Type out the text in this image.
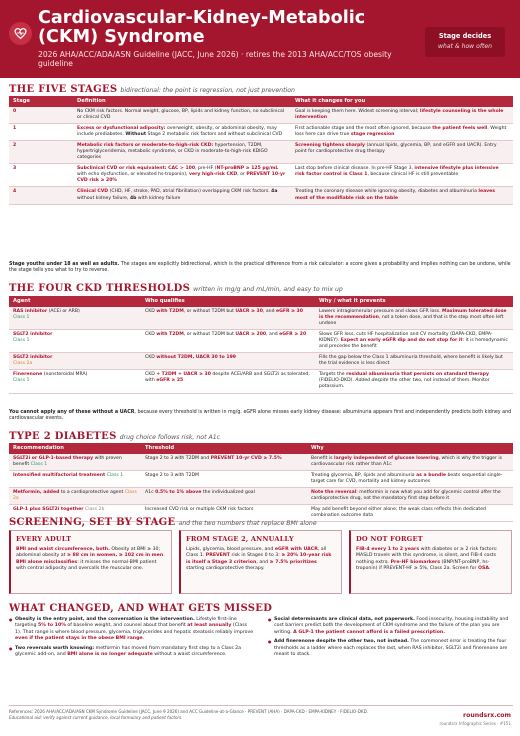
Cardiovascular-Kidney-Metabolic (CKM) Syndrome
2026 AHA/ACC/ADA/ASN Guideline (JACC, June 2026) · retires the 2013 AHA/ACC/TOS obesity guideline
Stage decides
what & how often
THE FIVE STAGES bidirectional: the point is regression, not just prevention
Stage	Definition	What it changes for you
0	No CKM risk factors. Normal weight, glucose, BP, lipids and kidney function, no subclinical or clinical CVD	Goal is keeping them here. Widest screening interval; lifestyle counseling is the whole intervention
1	Excess or dysfunctional adiposity: overweight, obesity, or abdominal obesity, may include prediabetes. Without Stage 2 metabolic risk factors and without subclinical CVD	First actionable stage and the most often ignored, because the patient feels well. Weight loss here can drive true stage regression
2	Metabolic risk factors or moderate-to-high-risk CKD: hypertension, T2DM, hypertriglyceridemia, metabolic syndrome, or CKD in moderate-to-high-risk KDIGO categories	Screening tightens sharply (annual lipids, glycemia, BP, and eGFR and UACR). Entry point for cardioprotective drug therapy
3	Subclinical CVD or risk equivalent: CAC > 100, pre-HF (NT-proBNP ≥ 125 pg/mL with echo dysfunction, or elevated hs-troponin), very high-risk CKD, or PREVENT 10-yr CVD risk ≥ 20%	Last stop before clinical disease. In pre-HF Stage 3, intensive lifestyle plus intensive risk factor control is Class 1, because clinical HF is still preventable
4	Clinical CVD (CHD, HF, stroke, PAD, atrial fibrillation) overlapping CKM risk factors. 4a without kidney failure, 4b with kidney failure	Treating the coronary disease while ignoring obesity, diabetes and albuminuria leaves most of the modifiable risk on the table
Stage youths under 18 as well as adults. The stages are explicitly bidirectional, which is the practical difference from a risk calculator: a score gives a probability and implies nothing can be undone, while the stage tells you what to try to reverse.
THE FOUR CKD THRESHOLDS written in mg/g and mL/min, and easy to mix up
Agent	Who qualifies	Why / what it prevents
RAS inhibitor (ACEi or ARB)
Class 1	CKD with T2DM, or without T2DM but UACR ≥ 30, and eGFR ≥ 30	Lowers intraglomerular pressure and slows GFR loss. Maximum tolerated dose is the recommendation, not a token dose, and that is the step most often left undone
SGLT2 inhibitor
Class 1	CKD with T2DM, or without T2DM but UACR ≥ 200, and eGFR ≥ 20	Slows GFR loss, cuts HF hospitalization and CV mortality (DAPA-CKD, EMPA-KIDNEY). Expect an early eGFR dip and do not stop for it: it is hemodynamic and precedes the benefit
SGLT2 inhibitor
Class 2a	CKD without T2DM, UACR 30 to 199	Fills the gap below the Class 1 albuminuria threshold, where benefit is likely but the trial evidence is less direct
Finerenone (nonsteroidal MRA)
Class 1	CKD + T2DM + UACR ≥ 30 despite ACEi/ARB and SGLT2i as tolerated, with eGFR ≥ 25	Targets the residual albuminuria that persists on standard therapy (FIDELIO-DKD). Added despite the other two, not instead of them. Monitor potassium.
You cannot apply any of these without a UACR, because every threshold is written in mg/g. eGFR alone misses early kidney disease: albuminuria appears first and independently predicts both kidney and cardiovascular events.
TYPE 2 DIABETES drug choice follows risk, not A1c
Recommendation	Threshold	Why
SGLT2i or GLP-1-based therapy with proven benefit Class 1	Stage 2 to 3 with T2DM and PREVENT 10-yr CVD ≥ 7.5%	Benefit is largely independent of glucose lowering, which is why the trigger is cardiovascular risk rather than A1c
Intensified multifactorial treatment Class 1	Stage 2 to 3 with T2DM	Treating glycemia, BP, lipids and albuminuria as a bundle beats sequential single-target care for CVD, mortality and kidney outcomes
Metformin, added to a cardioprotective agent Class 2a	A1c 0.5% to 1% above the individualized goal	Note the reversal: metformin is now what you add for glycemic control after the cardioprotective drug, not the mandatory first step before it
GLP-1 plus SGLT2i together Class 2b	Increased CVD risk or multiple CKM risk factors	May add benefit beyond either alone; the weak class reflects thin dedicated combination outcome data
SCREENING, SET BY STAGE and the two numbers that replace BMI alone
EVERY ADULT
BMI and waist circumference, both. Obesity at BMI ≥ 30; abdominal obesity at ≥ 88 cm in women, ≥ 102 cm in men. BMI alone misclassifies: it misses the normal-BMI patient with central adiposity and overcalls the muscular one.
FROM STAGE 2, ANNUALLY
Lipids, glycemia, blood pressure, and eGFR with UACR, all Class 1. PREVENT risk in Stages 0 to 3: ≥ 20% 10-year risk is itself a Stage 3 criterion, and ≥ 7.5% prioritizes starting cardioprotective therapy.
DO NOT FORGET
FIB-4 every 1 to 2 years with diabetes or ≥ 2 risk factors: MASLD travels with this syndrome, is silent, and FIB-4 costs nothing extra. Pre-HF biomarkers (BNP/NT-proBNP, hs-troponin) if PREVENT-HF ≥ 5%, Class 2a. Screen for OSA.
WHAT CHANGED, AND WHAT GETS MISSED
● Obesity is the entry point, and the conversation is the intervention. Lifestyle first-line targeting 5% to 10% of baseline weight, and counsel about that benefit at least annually (Class 1). That range is where blood pressure, glycemia, triglycerides and hepatic steatosis reliably improve even if the patient stays in the obese BMI range.
● Two reversals worth knowing: metformin has moved from mandatory first step to a Class 2a glycemic add-on, and BMI alone is no longer adequate without a waist circumference.
● Social determinants are clinical data, not paperwork. Food insecurity, housing instability and cost barriers predict both the development of CKM syndrome and the failure of the plan you are writing. A GLP-1 the patient cannot afford is a failed prescription.
● Add finerenone despite the other two, not instead. The commonest error is treating the four thresholds as a ladder where each replaces the last, when RAS inhibitor, SGLT2i and finerenone are meant to stack.
References: 2026 AHA/ACC/ADA/ASN CKM Syndrome Guideline (JACC, June 9 2026) and ACC Guideline-at-a-Glance · PREVENT (AHA) · DAPA-CKD · EMPA-KIDNEY · FIDELIO-DKD.
Educational aid: verify against current guidance, local formulary and patient factors.	roundsrx.com
roundsrx Infographic Series · #151
